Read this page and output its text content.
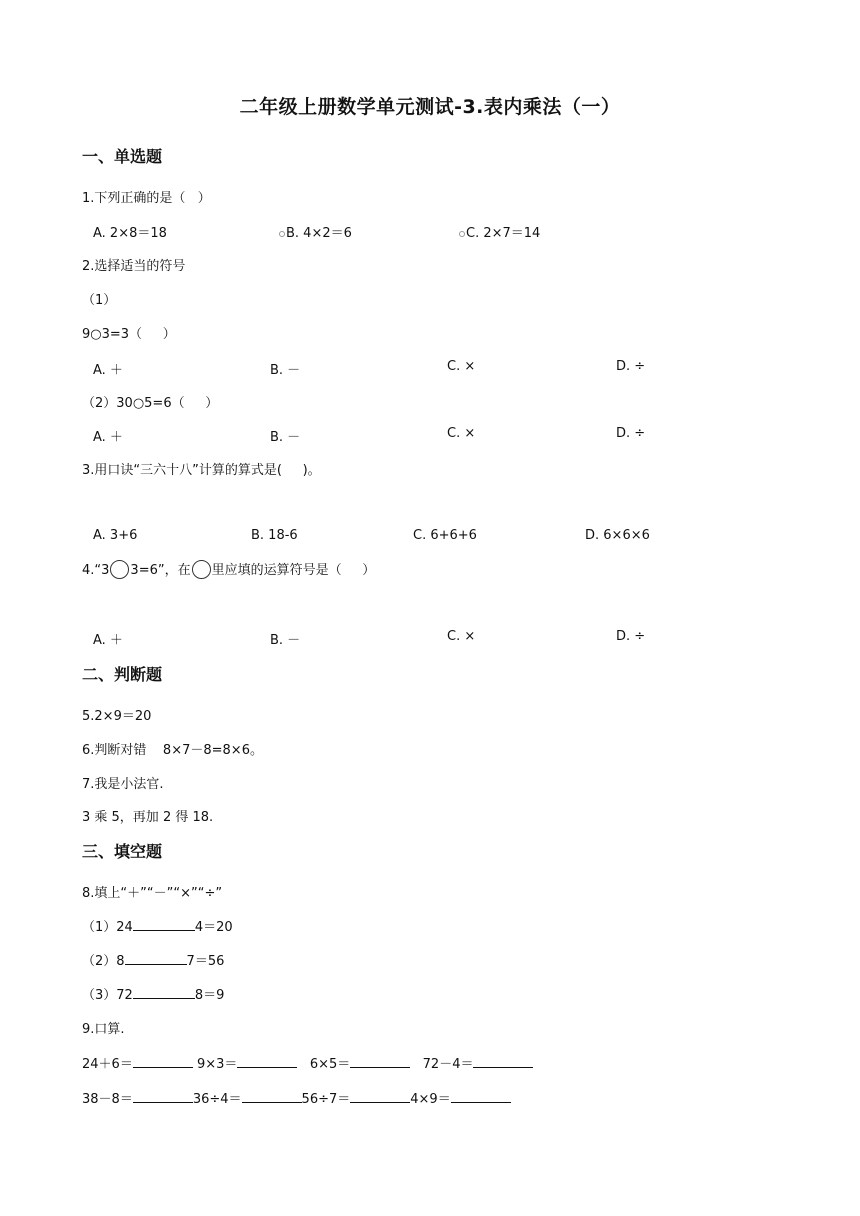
二年级上册数学单元测试-3.表内乘法（一）
一、单选题
1.下列正确的是（   ）
A. 2×8＝18	B. 4×2＝6	C. 2×7＝14
2.选择适当的符号
（1）
9○3=3（     ）
A. ＋	B. －	C. ×	D. ÷
（2）30○5=6（     ）
A. ＋	B. －	C. ×	D. ÷
3.用口诀“三六十八”计算的算式是(     )。
A. 3+6	B. 18-6	C. 6+6+6	D. 6×6×6
4.“3 3=6”，在 里应填的运算符号是（     ）
A. ＋	B. －	C. ×	D. ÷
二、判断题
5.2×9＝20
6.判断对错    8×7－8=8×6。
7.我是小法官.
3 乘 5，再加 2 得 18.
三、填空题
8.填上“＋”“－”“×”“÷”
（1）24	4＝20
（2）8	7＝56
（3）72	8＝9
9.口算.
24＋6＝	9×3＝	6×5＝	72－4＝
38－8＝	36÷4＝	56÷7＝	4×9＝
